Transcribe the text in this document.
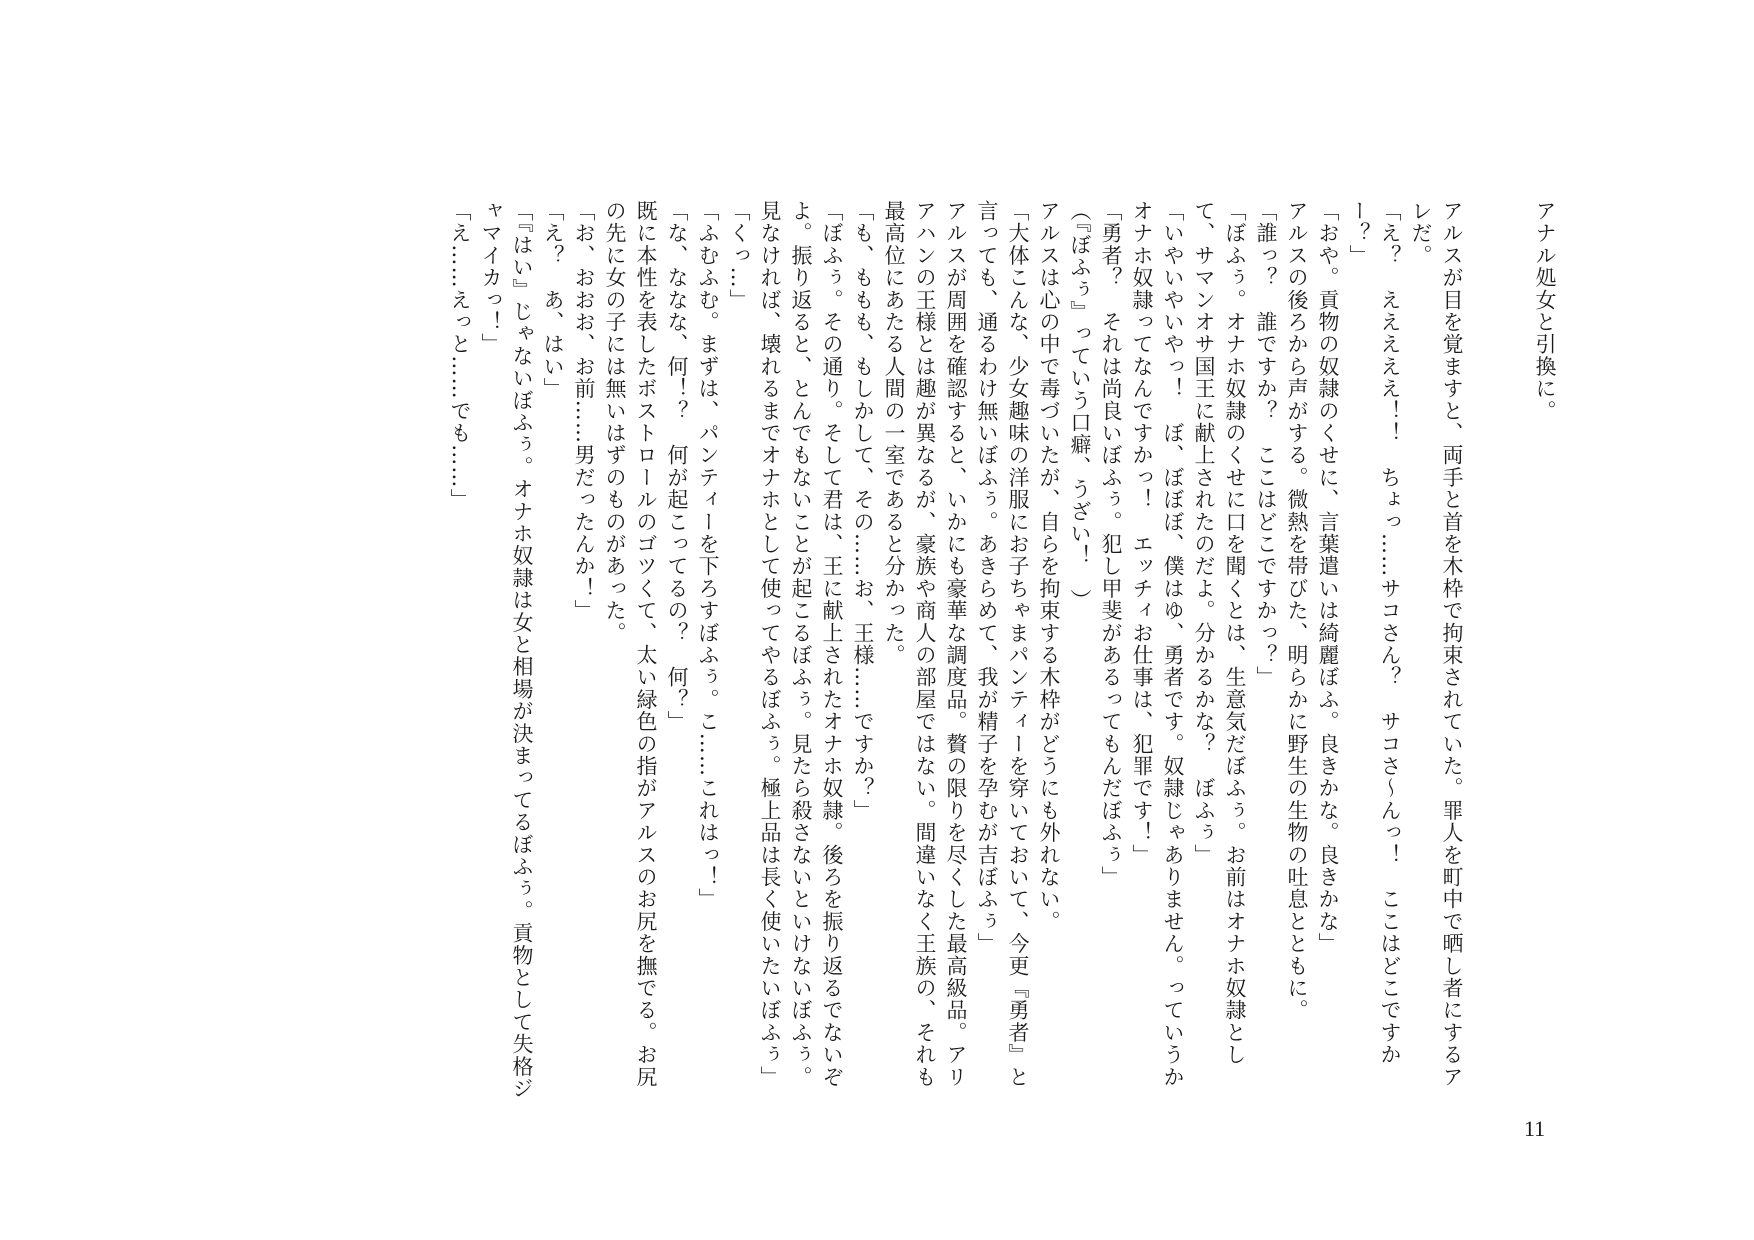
アナル処女と引換に。

アルスが目を覚ますと、両手と首を木枠で拘束されていた。罪人を町中で晒し者にするアレだ。

「え？　えええええ！！　ちょっ……サコさん？　サコさ〜んっ！　ここはどこですかー？」

「おや。貢物の奴隷のくせに、言葉遣いは綺麗ぼふ。良きかな。良きかな」

アルスの後ろから声がする。微熱を帯びた、明らかに野生の生物の吐息とともに。

「誰っ？　誰ですか？　ここはどこですかっ？」

「ぼふぅ。オナホ奴隷のくせに口を聞くとは、生意気だぼふぅ。お前はオナホ奴隷として、サマンオサ国王に献上されたのだよ。分かるかな？　ぼふぅ」

「いやいやいやっ！　ぼ、ぼぼぼ、僕はゆ、勇者です。奴隷じゃありません。っていうかオナホ奴隷ってなんですかっ！　エッチィお仕事は、犯罪です！」

「勇者？　それは尚良いぼふぅ。犯し甲斐があるってもんだぼふぅ」

（『ぼふぅ』っていう口癖、うざい！　）

アルスは心の中で毒づいたが、自らを拘束する木枠がどうにも外れない。

「大体こんな、少女趣味の洋服にお子ちゃまパンティーを穿いておいて、今更『勇者』と言っても、通るわけ無いぼふぅ。あきらめて、我が精子を孕むが吉ぼふぅ」

アルスが周囲を確認すると、いかにも豪華な調度品。贅の限りを尽くした最高級品。アリアハンの王様とは趣が異なるが、豪族や商人の部屋ではない。間違いなく王族の、それも最高位にあたる人間の一室であると分かった。

「も、ももも、もしかして、その……お、王様……ですか？」

「ぼふぅ。その通り。そして君は、王に献上されたオナホ奴隷。後ろを振り返るでないぞよ。振り返ると、とんでもないことが起こるぼふぅ。見たら殺さないといけないぼふぅ。見なければ、壊れるまでオナホとして使ってやるぼふぅ。極上品は長く使いたいぼふぅ」

「くっ…」

「ふむふむ。まずは、パンティーを下ろすぼふぅ。こ……これはっ！」

「な、ななな、何！？　何が起こってるの？　何？」

既に本性を表したボストロールのゴツくて、太い緑色の指がアルスのお尻を撫でる。お尻の先に女の子には無いはずのものがあった。

「お、おおお、お前……男だったんか！」

「え？　あ、はい」

「『はい』じゃないぼふぅ。オナホ奴隷は女と相場が決まってるぼふぅ。貢物として失格ジャマイカっ！」

「え……えっと……でも……」

11
